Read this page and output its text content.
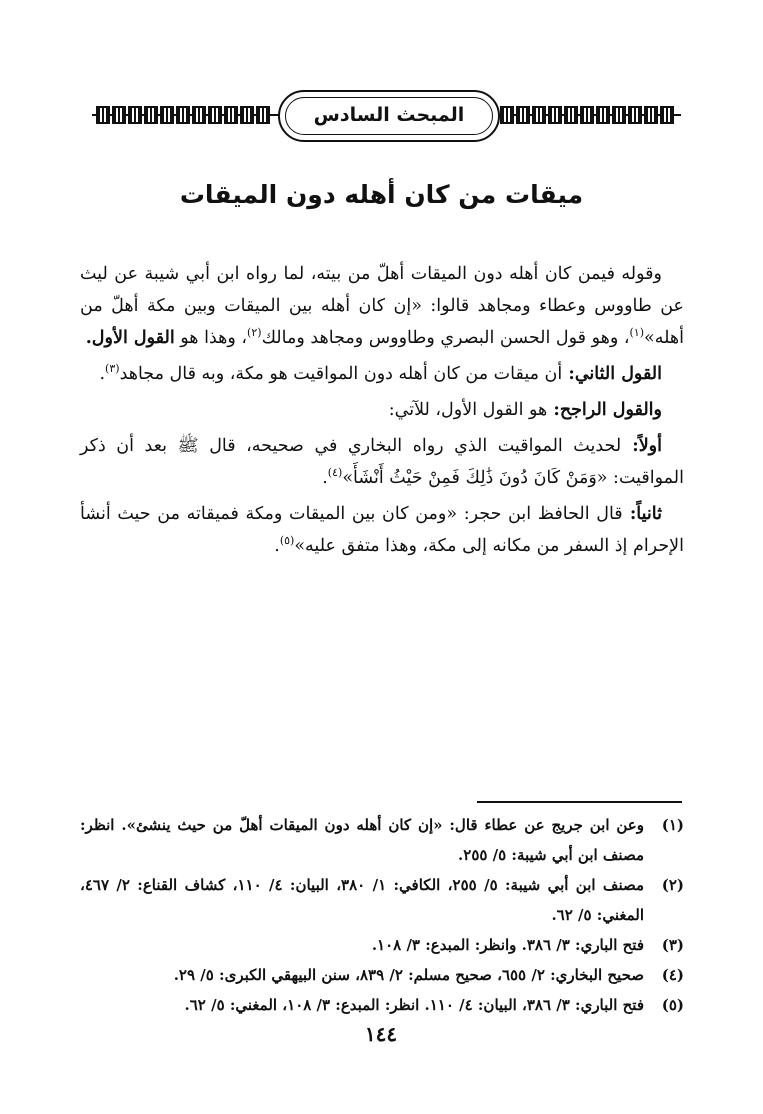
المبحث السادس
ميقات من كان أهله دون الميقات

وقوله فيمن كان أهله دون الميقات أهلّ من بيته، لما رواه ابن أبي شيبة عن ليث عن طاووس وعطاء ومجاهد قالوا: «إن كان أهله بين الميقات وبين مكة أهلّ من أهله»$^{(١)}$، وهو قول الحسن البصري وطاووس ومجاهد ومالك$^{(٢)}$، وهذا هو القول الأول.

القول الثاني: أن ميقات من كان أهله دون المواقيت هو مكة، وبه قال مجاهد$^{(٣)}$.

والقول الراجح: هو القول الأول، للآتي:

أولاً: لحديث المواقيت الذي رواه البخاري في صحيحه، قال ﷺ بعد أن ذكر المواقيت: «وَمَنْ كَانَ دُونَ ذَٰلِكَ فَمِنْ حَيْثُ أَنْشَأَ»$^{(٤)}$.

ثانياً: قال الحافظ ابن حجر: «ومن كان بين الميقات ومكة فميقاته من حيث أنشأ الإحرام إذ السفر من مكانه إلى مكة، وهذا متفق عليه»$^{(٥)}$.

(١)
وعن ابن جريج عن عطاء قال: «إن كان أهله دون الميقات أهلّ من حيث ينشئ». انظر: مصنف ابن أبي شيبة: ٥/ ٢٥٥.
(٢)
مصنف ابن أبي شيبة: ٥/ ٢٥٥، الكافي: ١/ ٣٨٠، البيان: ٤/ ١١٠، كشاف القناع: ٢/ ٤٦٧، المغني: ٥/ ٦٢.
(٣)
فتح الباري: ٣/ ٣٨٦. وانظر: المبدع: ٣/ ١٠٨.
(٤)
صحيح البخاري: ٢/ ٦٥٥، صحيح مسلم: ٢/ ٨٣٩، سنن البيهقي الكبرى: ٥/ ٢٩.
(٥)
فتح الباري: ٣/ ٣٨٦، البيان: ٤/ ١١٠. انظر: المبدع: ٣/ ١٠٨، المغني: ٥/ ٦٢.
١٤٤
